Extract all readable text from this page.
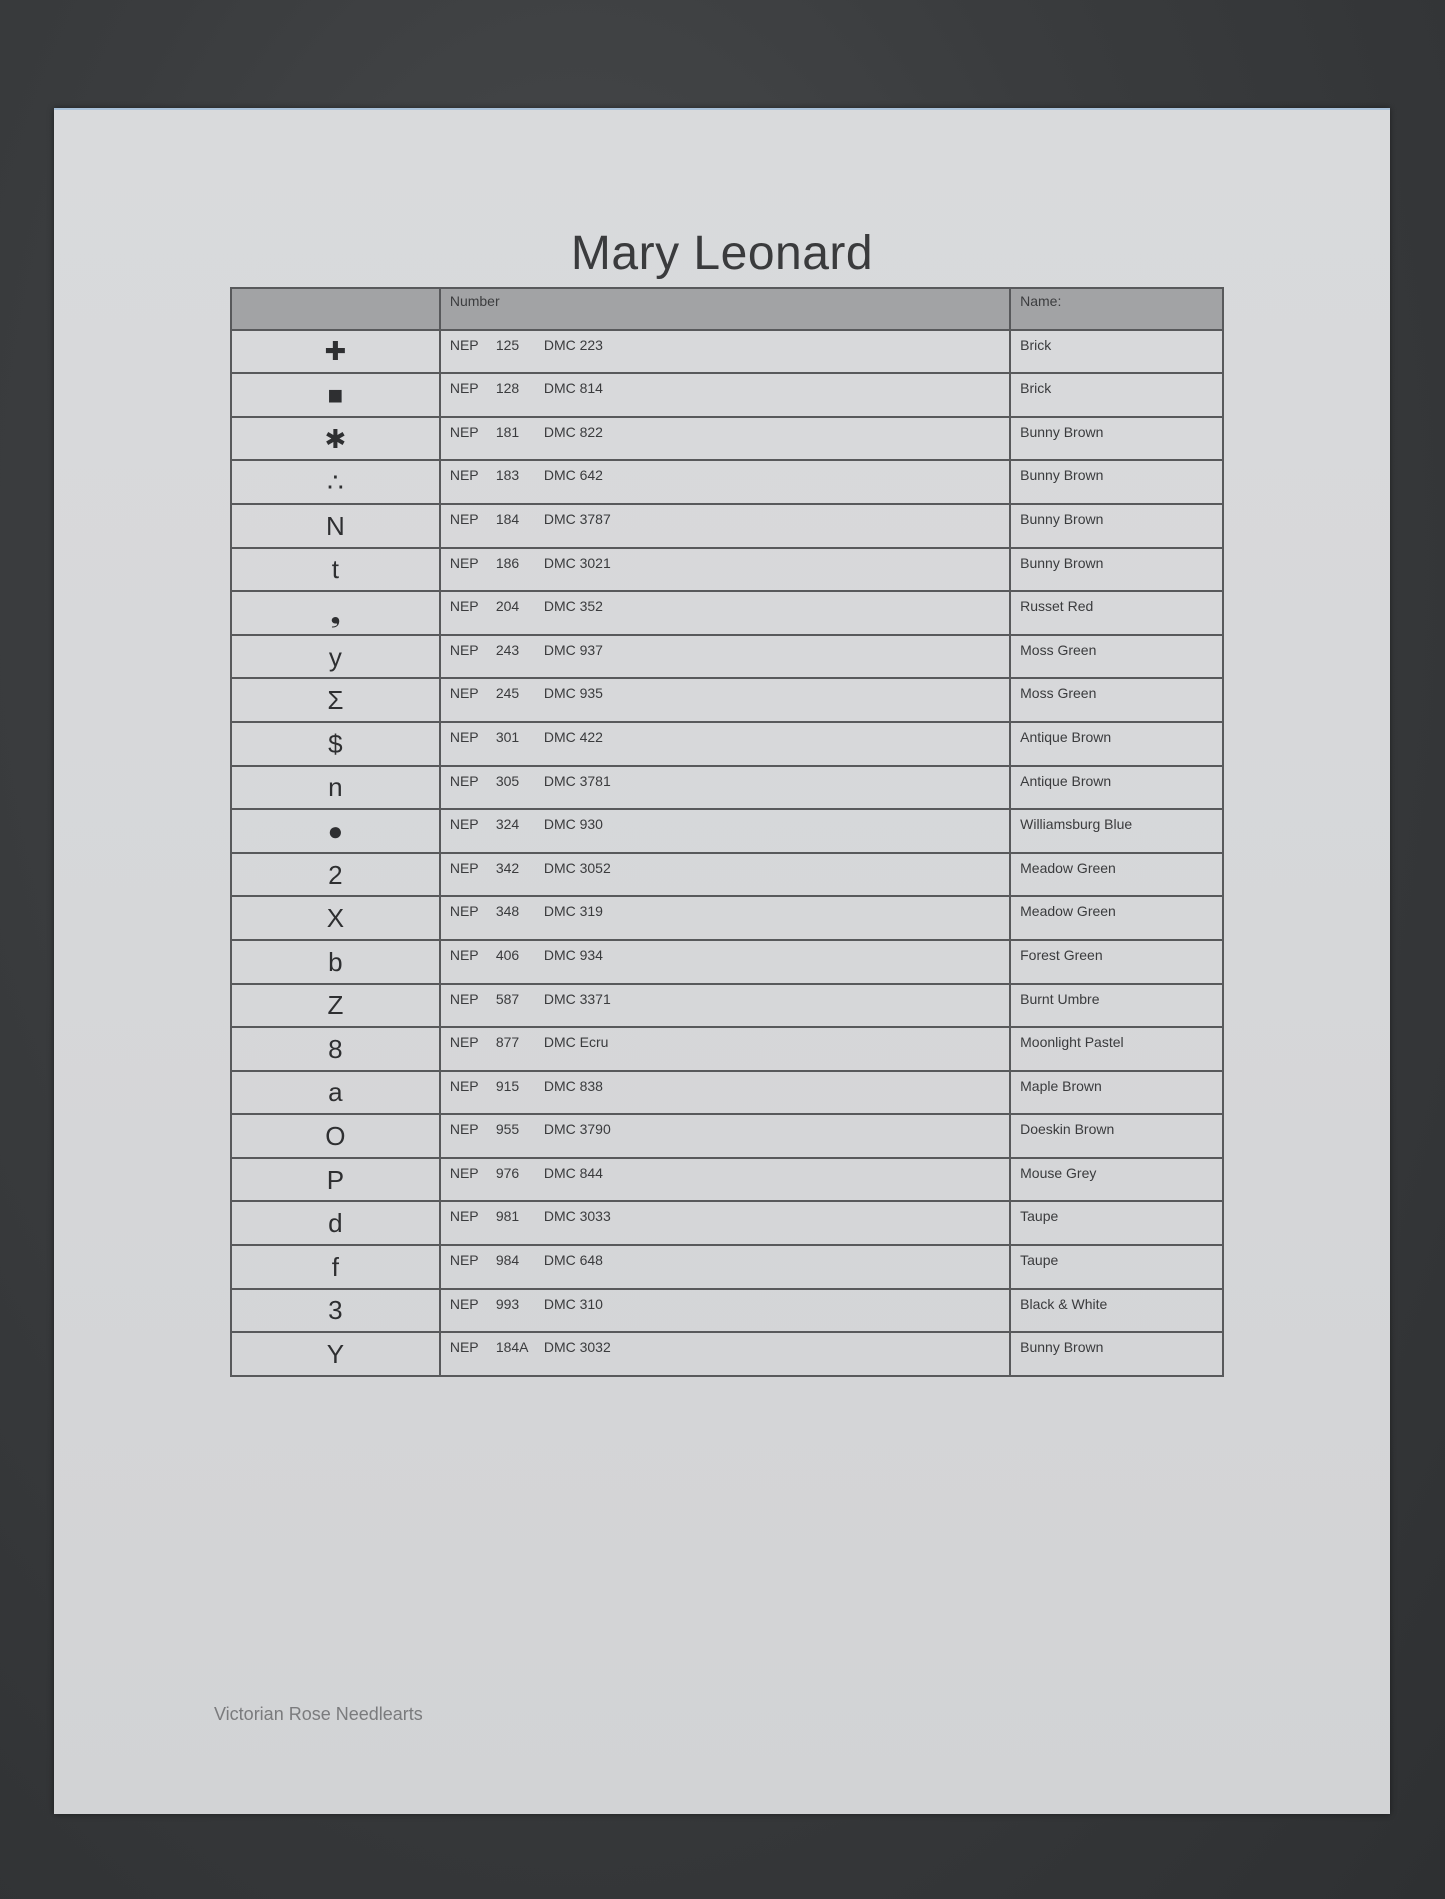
Mary Leonard
	Number	Name:
✚	NEP 125 DMC 223	Brick
■	NEP 128 DMC 814	Brick
✱	NEP 181 DMC 822	Bunny Brown
∴	NEP 183 DMC 642	Bunny Brown
N	NEP 184 DMC 3787	Bunny Brown
t	NEP 186 DMC 3021	Bunny Brown
❟	NEP 204 DMC 352	Russet Red
y	NEP 243 DMC 937	Moss Green
Σ	NEP 245 DMC 935	Moss Green
$	NEP 301 DMC 422	Antique Brown
n	NEP 305 DMC 3781	Antique Brown
●	NEP 324 DMC 930	Williamsburg Blue
2	NEP 342 DMC 3052	Meadow Green
X	NEP 348 DMC 319	Meadow Green
b	NEP 406 DMC 934	Forest Green
Z	NEP 587 DMC 3371	Burnt Umbre
8	NEP 877 DMC Ecru	Moonlight Pastel
a	NEP 915 DMC 838	Maple Brown
O	NEP 955 DMC 3790	Doeskin Brown
P	NEP 976 DMC 844	Mouse Grey
d	NEP 981 DMC 3033	Taupe
f	NEP 984 DMC 648	Taupe
3	NEP 993 DMC 310	Black & White
Y	NEP 184A DMC 3032	Bunny Brown
Victorian Rose Needlearts
